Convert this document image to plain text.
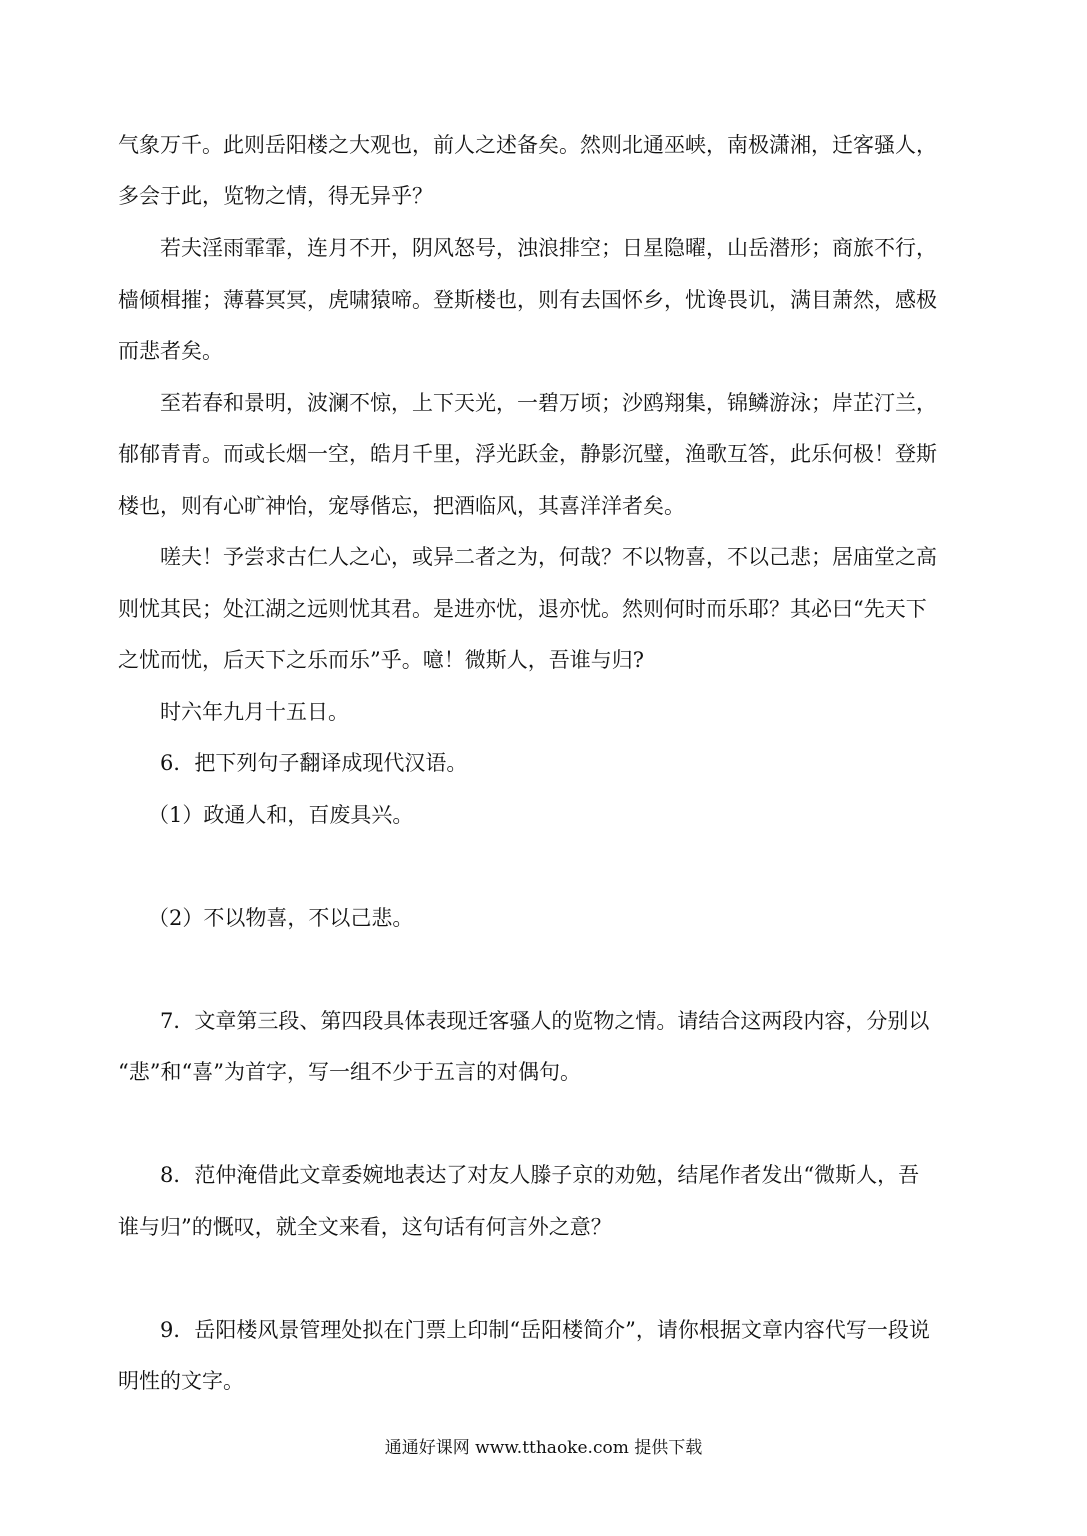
气象万千。此则岳阳楼之大观也，前人之述备矣。然则北通巫峡，南极潇湘，迁客骚人，
多会于此，览物之情，得无异乎？
若夫淫雨霏霏，连月不开，阴风怒号，浊浪排空；日星隐曜，山岳潜形；商旅不行，
樯倾楫摧；薄暮冥冥，虎啸猿啼。登斯楼也，则有去国怀乡，忧谗畏讥，满目萧然，感极
而悲者矣。
至若春和景明，波澜不惊，上下天光，一碧万顷；沙鸥翔集，锦鳞游泳；岸芷汀兰，
郁郁青青。而或长烟一空，皓月千里，浮光跃金，静影沉璧，渔歌互答，此乐何极！登斯
楼也，则有心旷神怡，宠辱偕忘，把酒临风，其喜洋洋者矣。
嗟夫！予尝求古仁人之心，或异二者之为，何哉？不以物喜，不以己悲；居庙堂之高
则忧其民；处江湖之远则忧其君。是进亦忧，退亦忧。然则何时而乐耶？其必曰“先天下
之忧而忧，后天下之乐而乐”乎。噫！微斯人，吾谁与归?
时六年九月十五日。
6．把下列句子翻译成现代汉语。
（1）政通人和，百废具兴。
（2）不以物喜，不以己悲。
7．文章第三段、第四段具体表现迁客骚人的览物之情。请结合这两段内容，分别以
“悲”和“喜”为首字，写一组不少于五言的对偶句。
8．范仲淹借此文章委婉地表达了对友人滕子京的劝勉，结尾作者发出“微斯人，吾
谁与归”的慨叹，就全文来看，这句话有何言外之意？
9．岳阳楼风景管理处拟在门票上印制“岳阳楼简介”，请你根据文章内容代写一段说
明性的文字。
通通好课网 www.tthaoke.com 提供下载
